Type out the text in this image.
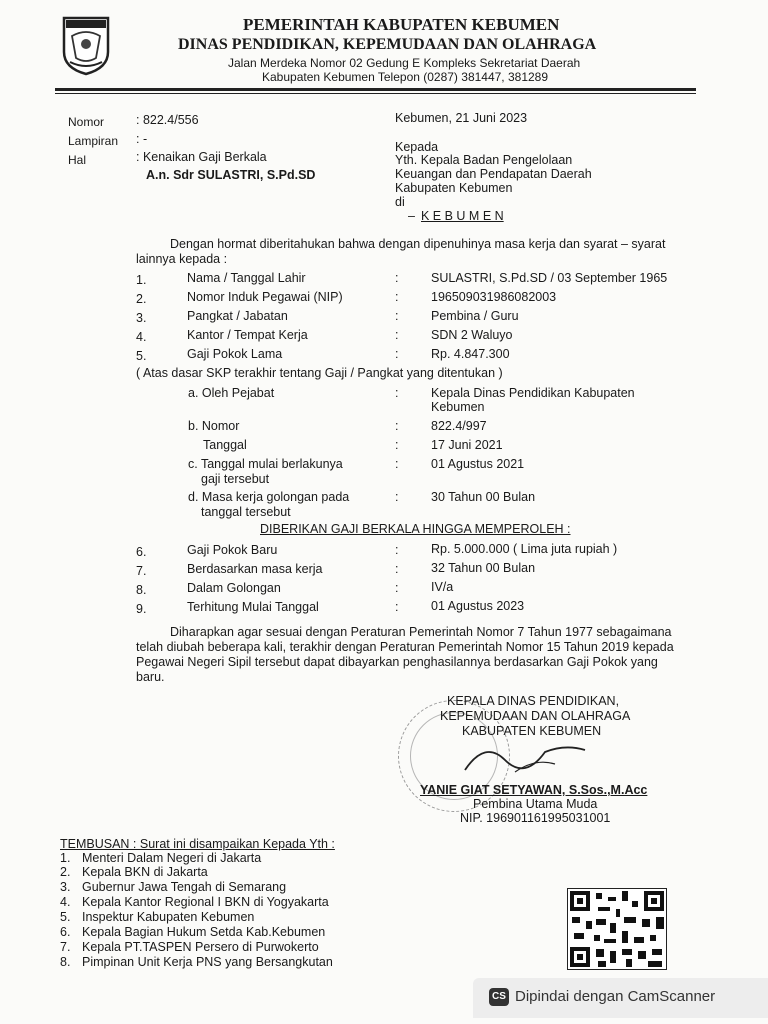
PEMERINTAH KABUPATEN KEBUMEN
DINAS PENDIDIKAN, KEPEMUDAAN DAN OLAHRAGA
Jalan Merdeka Nomor 02 Gedung E Kompleks Sekretariat Daerah
Kabupaten Kebumen Telepon (0287) 381447, 381289
Nomor	: 822.4/556
Lampiran : -
Hal	: Kenaikan Gaji Berkala
A.n. Sdr SULASTRI, S.Pd.SD
Kebumen, 21 Juni 2023
Kepada
Yth. Kepala Badan Pengelolaan
Keuangan dan Pendapatan Daerah
Kabupaten Kebumen
di
– K E B U M E N
Dengan hormat diberitahukan bahwa dengan dipenuhinya masa kerja dan syarat – syarat
lainnya kepada :
1.	Nama / Tanggal Lahir	:	SULASTRI, S.Pd.SD / 03 September 1965
2.	Nomor Induk Pegawai (NIP)	:	196509031986082003
3.	Pangkat / Jabatan	:	Pembina / Guru
4.	Kantor / Tempat Kerja	:	SDN 2 Waluyo
5.	Gaji Pokok Lama	:	Rp. 4.847.300
( Atas dasar SKP terakhir tentang Gaji / Pangkat yang ditentukan )
a. Oleh Pejabat	:	Kepala Dinas Pendidikan Kabupaten
Kebumen
b. Nomor	:	822.4/997
Tanggal	:	17 Juni 2021
c. Tanggal mulai berlakunya
gaji tersebut
:	01 Agustus 2021
d. Masa kerja golongan pada
tanggal tersebut
:	30 Tahun 00 Bulan
DIBERIKAN GAJI BERKALA HINGGA MEMPEROLEH :
6.	Gaji Pokok Baru	:	Rp. 5.000.000 ( Lima juta rupiah )
7.	Berdasarkan masa kerja	:	32 Tahun 00 Bulan
8.	Dalam Golongan	:	IV/a
9.	Terhitung Mulai Tanggal	:	01 Agustus 2023
Diharapkan agar sesuai dengan Peraturan Pemerintah Nomor 7 Tahun 1977 sebagaimana
telah diubah beberapa kali, terakhir dengan Peraturan Pemerintah Nomor 15 Tahun 2019 kepada
Pegawai Negeri Sipil tersebut dapat dibayarkan penghasilannya berdasarkan Gaji Pokok yang
baru.
KEPALA DINAS PENDIDIKAN,
KEPEMUDAAN DAN OLAHRAGA
KABUPATEN KEBUMEN
YANIE GIAT SETYAWAN, S.Sos.,M.Acc
Pembina Utama Muda
NIP. 196901161995031001
TEMBUSAN : Surat ini disampaikan Kepada Yth :
1. Menteri Dalam Negeri di Jakarta
2. Kepala BKN di Jakarta
3. Gubernur Jawa Tengah di Semarang
4. Kepala Kantor Regional I BKN di Yogyakarta
5. Inspektur Kabupaten Kebumen
6. Kepala Bagian Hukum Setda Kab.Kebumen
7. Kepala PT.TASPEN Persero di Purwokerto
8. Pimpinan Unit Kerja PNS yang Bersangkutan
CS Dipindai dengan CamScanner
